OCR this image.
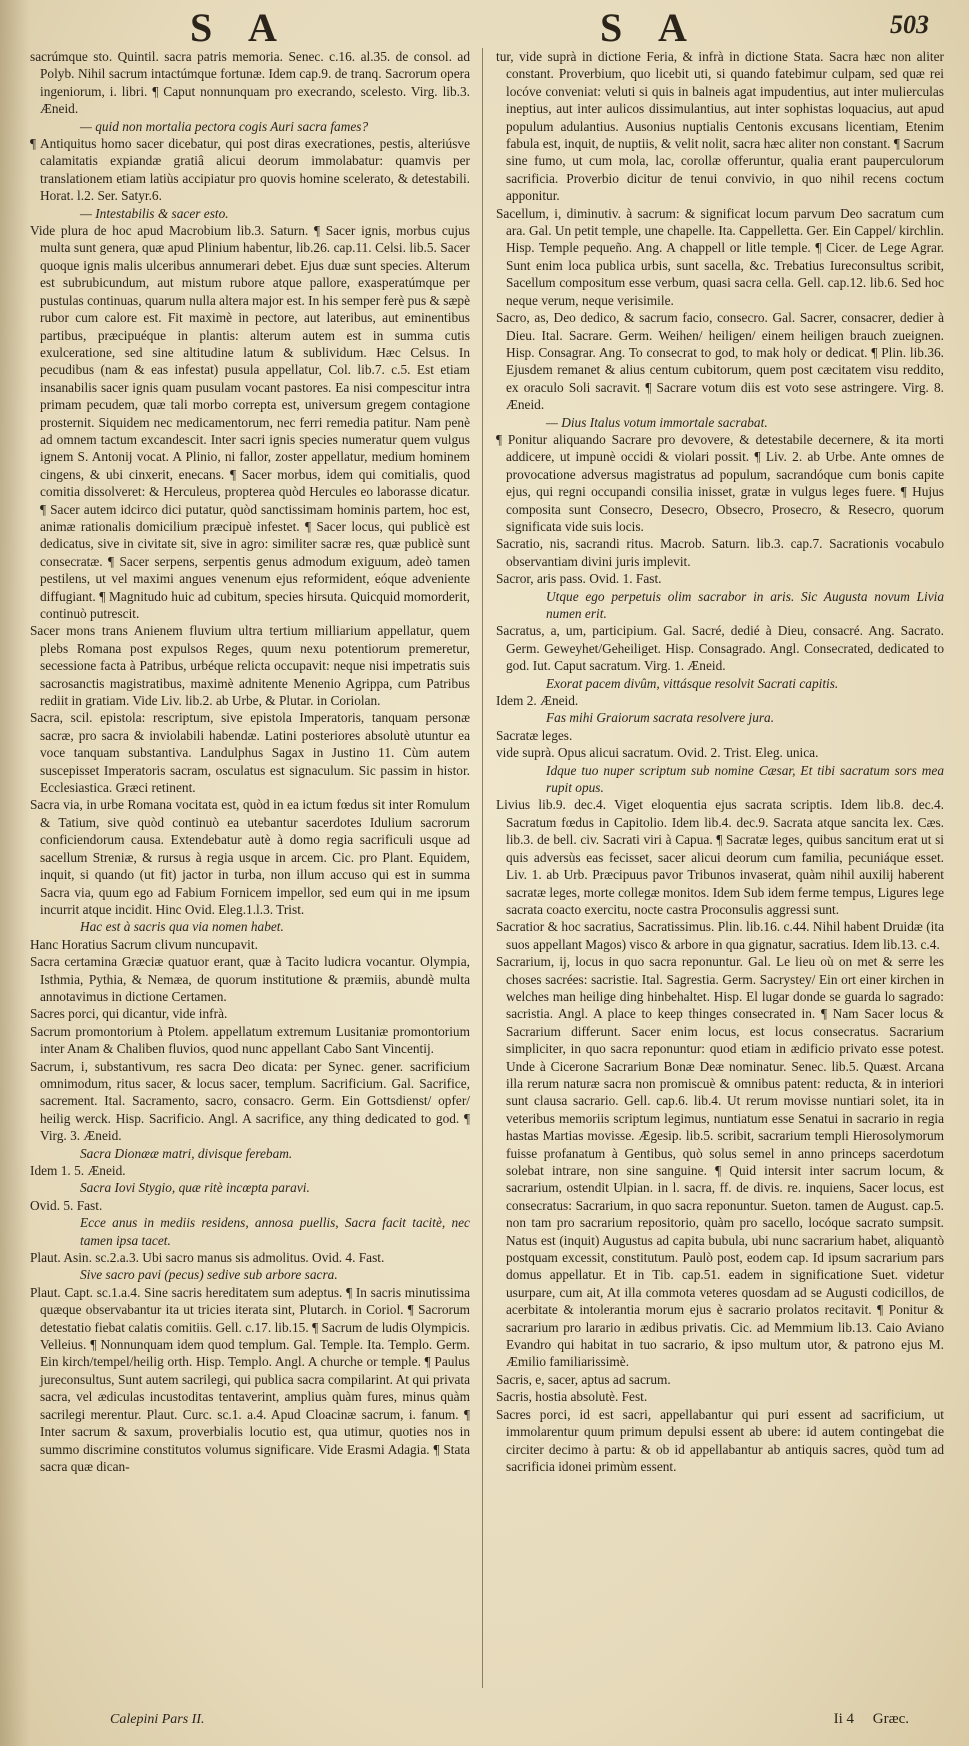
S A	S A	503

sacrúmque sto. Quintil. sacra patris memoria. Senec. c.16. al.35. de consol. ad Polyb. Nihil sacrum intactúmque fortunæ. Idem cap.9. de tranq. Sacrorum opera ingeniorum, i. libri. ¶ Caput nonnunquam pro execrando, scelesto. Virg. lib.3. Æneid.

— quid non mortalia pectora cogis Auri sacra fames?

¶ Antiquitus homo sacer dicebatur, qui post diras execrationes, pestis, alteriúsve calamitatis expiandæ gratiâ alicui deorum immolabatur: quamvis per translationem etiam latiùs accipiatur pro quovis homine scelerato, & detestabili. Horat. l.2. Ser. Satyr.6.

— Intestabilis & sacer esto.

Vide plura de hoc apud Macrobium lib.3. Saturn. ¶ Sacer ignis, morbus cujus multa sunt genera, quæ apud Plinium habentur, lib.26. cap.11. Celsi. lib.5. Sacer quoque ignis malis ulceribus annumerari debet. Ejus duæ sunt species. Alterum est subrubicundum, aut mistum rubore atque pallore, exasperatúmque per pustulas continuas, quarum nulla altera major est. In his semper ferè pus & sæpè rubor cum calore est. Fit maximè in pectore, aut lateribus, aut eminentibus partibus, præcipuéque in plantis: alterum autem est in summa cutis exulceratione, sed sine altitudine latum & sublividum. Hæc Celsus. In pecudibus (nam & eas infestat) pusula appellatur, Col. lib.7. c.5. Est etiam insanabilis sacer ignis quam pusulam vocant pastores. Ea nisi compescitur intra primam pecudem, quæ tali morbo correpta est, universum gregem contagione prosternit. Siquidem nec medicamentorum, nec ferri remedia patitur. Nam penè ad omnem tactum excandescit. Inter sacri ignis species numeratur quem vulgus ignem S. Antonij vocat. A Plinio, ni fallor, zoster appellatur, medium hominem cingens, & ubi cinxerit, enecans. ¶ Sacer morbus, idem qui comitialis, quod comitia dissolveret: & Herculeus, propterea quòd Hercules eo laborasse dicatur. ¶ Sacer autem idcirco dici putatur, quòd sanctissimam hominis partem, hoc est, animæ rationalis domicilium præcipuè infestet. ¶ Sacer locus, qui publicè est dedicatus, sive in civitate sit, sive in agro: similiter sacræ res, quæ publicè sunt consecratæ. ¶ Sacer serpens, serpentis genus admodum exiguum, adeò tamen pestilens, ut vel maximi angues venenum ejus reformident, eóque adveniente diffugiant. ¶ Magnitudo huic ad cubitum, species hirsuta. Quicquid momorderit, continuò putrescit.

Sacer mons trans Anienem fluvium ultra tertium milliarium appellatur, quem plebs Romana post expulsos Reges, quum nexu potentiorum premeretur, secessione facta à Patribus, urbéque relicta occupavit: neque nisi impetratis suis sacrosanctis magistratibus, maximè adnitente Menenio Agrippa, cum Patribus rediit in gratiam. Vide Liv. lib.2. ab Urbe, & Plutar. in Coriolan.

Sacra, scil. epistola: rescriptum, sive epistola Imperatoris, tanquam personæ sacræ, pro sacra & inviolabili habendæ. Latini posteriores absolutè utuntur ea voce tanquam substantiva. Landulphus Sagax in Justino 11. Cùm autem suscepisset Imperatoris sacram, osculatus est signaculum. Sic passim in histor. Ecclesiastica. Græci retinent.

Sacra via, in urbe Romana vocitata est, quòd in ea ictum fœdus sit inter Romulum & Tatium, sive quòd continuò ea utebantur sacerdotes Idulium sacrorum conficiendorum causa. Extendebatur autè à domo regia sacrificuli usque ad sacellum Streniæ, & rursus à regia usque in arcem. Cic. pro Plant. Equidem, inquit, si quando (ut fit) jactor in turba, non illum accuso qui est in summa Sacra via, quum ego ad Fabium Fornicem impellor, sed eum qui in me ipsum incurrit atque incidit. Hinc Ovid. Eleg.1.l.3. Trist.

Hac est à sacris qua via nomen habet.

Hanc Horatius Sacrum clivum nuncupavit.

Sacra certamina Græciæ quatuor erant, quæ à Tacito ludicra vocantur. Olympia, Isthmia, Pythia, & Nemæa, de quorum institutione & præmiis, abundè multa annotavimus in dictione Certamen.

Sacres porci, qui dicantur, vide infrà.

Sacrum promontorium à Ptolem. appellatum extremum Lusitaniæ promontorium inter Anam & Chaliben fluvios, quod nunc appellant Cabo Sant Vincentij.

Sacrum, i, substantivum, res sacra Deo dicata: per Synec. gener. sacrificium omnimodum, ritus sacer, & locus sacer, templum. Sacrificium. Gal. Sacrifice, sacrement. Ital. Sacramento, sacro, consacro. Germ. Ein Gottsdienst/ opfer/ heilig werck. Hisp. Sacrificio. Angl. A sacrifice, any thing dedicated to god. ¶ Virg. 3. Æneid.

Sacra Dionææ matri, divisque ferebam.

Idem 1. 5. Æneid.

Sacra Iovi Stygio, quæ ritè incœpta paravi.

Ovid. 5. Fast.

Ecce anus in mediis residens, annosa puellis, Sacra facit tacitè, nec tamen ipsa tacet.

Plaut. Asin. sc.2.a.3. Ubi sacro manus sis admolitus. Ovid. 4. Fast.

Sive sacro pavi (pecus) sedive sub arbore sacra.

Plaut. Capt. sc.1.a.4. Sine sacris hereditatem sum adeptus. ¶ In sacris minutissima quæque observabantur ita ut tricies iterata sint, Plutarch. in Coriol. ¶ Sacrorum detestatio fiebat calatis comitiis. Gell. c.17. lib.15. ¶ Sacrum de ludis Olympicis. Velleius. ¶ Nonnunquam idem quod templum. Gal. Temple. Ita. Templo. Germ. Ein kirch/tempel/heilig orth. Hisp. Templo. Angl. A churche or temple. ¶ Paulus jureconsultus, Sunt autem sacrilegi, qui publica sacra compilarint. At qui privata sacra, vel ædiculas incustoditas tentaverint, amplius quàm fures, minus quàm sacrilegi merentur. Plaut. Curc. sc.1. a.4. Apud Cloacinæ sacrum, i. fanum. ¶ Inter sacrum & saxum, proverbialis locutio est, qua utimur, quoties nos in summo discrimine constitutos volumus significare. Vide Erasmi Adagia. ¶ Stata sacra quæ dican-

tur, vide suprà in dictione Feria, & infrà in dictione Stata. Sacra hæc non aliter constant. Proverbium, quo licebit uti, si quando fatebimur culpam, sed quæ rei locóve conveniat: veluti si quis in balneis agat impudentius, aut inter mulierculas ineptius, aut inter aulicos dissimulantius, aut inter sophistas loquacius, aut apud populum adulantius. Ausonius nuptialis Centonis excusans licentiam, Etenim fabula est, inquit, de nuptiis, & velit nolit, sacra hæc aliter non constant. ¶ Sacrum sine fumo, ut cum mola, lac, corollæ offeruntur, qualia erant pauperculorum sacrificia. Proverbio dicitur de tenui convivio, in quo nihil recens coctum apponitur.

Sacellum, i, diminutiv. à sacrum: & significat locum parvum Deo sacratum cum ara. Gal. Un petit temple, une chapelle. Ita. Cappelletta. Ger. Ein Cappel/ kirchlin. Hisp. Temple pequeño. Ang. A chappell or litle temple. ¶ Cicer. de Lege Agrar. Sunt enim loca publica urbis, sunt sacella, &c. Trebatius Iureconsultus scribit, Sacellum compositum esse verbum, quasi sacra cella. Gell. cap.12. lib.6. Sed hoc neque verum, neque verisimile.

Sacro, as, Deo dedico, & sacrum facio, consecro. Gal. Sacrer, consacrer, dedier à Dieu. Ital. Sacrare. Germ. Weihen/ heiligen/ einem heiligen brauch zueignen. Hisp. Consagrar. Ang. To consecrat to god, to mak holy or dedicat. ¶ Plin. lib.36. Ejusdem remanet & alius centum cubitorum, quem post cæcitatem visu reddito, ex oraculo Soli sacravit. ¶ Sacrare votum diis est voto sese astringere. Virg. 8. Æneid.

— Dius Italus votum immortale sacrabat.

¶ Ponitur aliquando Sacrare pro devovere, & detestabile decernere, & ita morti addicere, ut impunè occidi & violari possit. ¶ Liv. 2. ab Urbe. Ante omnes de provocatione adversus magistratus ad populum, sacrandóque cum bonis capite ejus, qui regni occupandi consilia inisset, gratæ in vulgus leges fuere. ¶ Hujus composita sunt Consecro, Desecro, Obsecro, Prosecro, & Resecro, quorum significata vide suis locis.

Sacratio, nis, sacrandi ritus. Macrob. Saturn. lib.3. cap.7. Sacrationis vocabulo observantiam divini juris implevit.

Sacror, aris pass. Ovid. 1. Fast.

Utque ego perpetuis olim sacrabor in aris. Sic Augusta novum Livia numen erit.

Sacratus, a, um, participium. Gal. Sacré, dedié à Dieu, consacré. Ang. Sacrato. Germ. Geweyhet/Geheiliget. Hisp. Consagrado. Angl. Consecrated, dedicated to god. Iut. Caput sacratum. Virg. 1. Æneid.

Exorat pacem divûm, vittásque resolvit Sacrati capitis.

Idem 2. Æneid.

Fas mihi Graiorum sacrata resolvere jura.

Sacratæ leges.

vide suprà. Opus alicui sacratum. Ovid. 2. Trist. Eleg. unica.

Idque tuo nuper scriptum sub nomine Cæsar, Et tibi sacratum sors mea rupit opus.

Livius lib.9. dec.4. Viget eloquentia ejus sacrata scriptis. Idem lib.8. dec.4. Sacratum fœdus in Capitolio. Idem lib.4. dec.9. Sacrata atque sancita lex. Cæs. lib.3. de bell. civ. Sacrati viri à Capua. ¶ Sacratæ leges, quibus sancitum erat ut si quis adversùs eas fecisset, sacer alicui deorum cum familia, pecuniáque esset. Liv. 1. ab Urb. Præcipuus pavor Tribunos invaserat, quàm nihil auxilij haberent sacratæ leges, morte collegæ monitos. Idem Sub idem ferme tempus, Ligures lege sacrata coacto exercitu, nocte castra Proconsulis aggressi sunt.

Sacratior & hoc sacratius, Sacratissimus. Plin. lib.16. c.44. Nihil habent Druidæ (ita suos appellant Magos) visco & arbore in qua gignatur, sacratius. Idem lib.13. c.4.

Sacrarium, ij, locus in quo sacra reponuntur. Gal. Le lieu où on met & serre les choses sacrées: sacristie. Ital. Sagrestia. Germ. Sacrystey/ Ein ort einer kirchen in welches man heilige ding hinbehaltet. Hisp. El lugar donde se guarda lo sagrado: sacristia. Angl. A place to keep thinges consecrated in. ¶ Nam Sacer locus & Sacrarium differunt. Sacer enim locus, est locus consecratus. Sacrarium simpliciter, in quo sacra reponuntur: quod etiam in ædificio privato esse potest. Unde à Cicerone Sacrarium Bonæ Deæ nominatur. Senec. lib.5. Quæst. Arcana illa rerum naturæ sacra non promiscuè & omnibus patent: reducta, & in interiori sunt clausa sacrario. Gell. cap.6. lib.4. Ut rerum movisse nuntiari solet, ita in veteribus memoriis scriptum legimus, nuntiatum esse Senatui in sacrario in regia hastas Martias movisse. Ægesip. lib.5. scribit, sacrarium templi Hierosolymorum fuisse profanatum à Gentibus, quò solus semel in anno princeps sacerdotum solebat intrare, non sine sanguine. ¶ Quid intersit inter sacrum locum, & sacrarium, ostendit Ulpian. in l. sacra, ff. de divis. re. inquiens, Sacer locus, est consecratus: Sacrarium, in quo sacra reponuntur. Sueton. tamen de August. cap.5. non tam pro sacrarium repositorio, quàm pro sacello, locóque sacrato sumpsit. Natus est (inquit) Augustus ad capita bubula, ubi nunc sacrarium habet, aliquantò postquam excessit, constitutum. Paulò post, eodem cap. Id ipsum sacrarium pars domus appellatur. Et in Tib. cap.51. eadem in significatione Suet. videtur usurpare, cum ait, At illa commota veteres quosdam ad se Augusti codicillos, de acerbitate & intolerantia morum ejus è sacrario prolatos recitavit. ¶ Ponitur & sacrarium pro larario in ædibus privatis. Cic. ad Memmium lib.13. Caio Aviano Evandro qui habitat in tuo sacrario, & ipso multum utor, & patrono ejus M. Æmilio familiarissimè.

Sacris, e, sacer, aptus ad sacrum.

Sacris, hostia absolutè. Fest.

Sacres porci, id est sacri, appellabantur qui puri essent ad sacrificium, ut immolarentur quum primum depulsi essent ab ubere: id autem contingebat die circiter decimo à partu: & ob id appellabantur ab antiquis sacres, quòd tum ad sacrificia idonei primùm essent.

Calepini Pars II.	Ii 4 Græc.
